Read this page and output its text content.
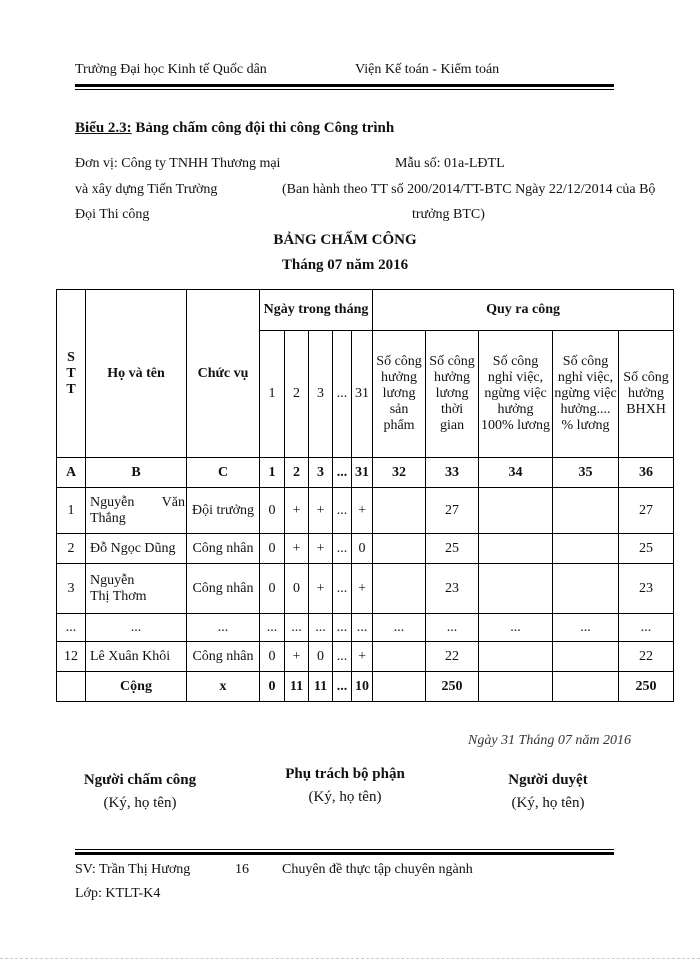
Trường Đại học Kinh tế Quốc dân	Viện Kế toán - Kiểm toán
Biểu 2.3: Bảng chấm công đội thi công Công trình
Đơn vị: Công ty TNHH Thương mại
và xây dựng Tiến Trường
Đọi Thi công
Mẫu số: 01a-LĐTL
(Ban hành theo TT số 200/2014/TT-BTC Ngày 22/12/2014 của Bộ
trưởng BTC)
BẢNG CHẤM CÔNG
Tháng 07 năm 2016
S
T
T	Họ và tên	Chức vụ	Ngày trong tháng					Quy ra công				
			1	2	3	...	31	Số công
hưởng
lương
sản
phẩm	Số công
hưởng
lương
thời
gian	Số công
nghỉ việc,
ngừng việc
hưởng
100% lương	Số công
nghỉ việc,
ngừng việc
hưởng....
% lương	Số công
hưởng
BHXH
A	B	C	1	2	3	...	31	32	33	34	35	36
1	Nguyễn Văn Thắng	Đội trưởng	0	+	+	...	+		27			27
2	Đỗ Ngọc Dũng	Công nhân	0	+	+	...	0		25			25
3	Nguyễn Thị Thơm	Công nhân	0	0	+	...	+		23			23
...	...	...	...	...	...	...	...	...	...	...	...	...
12	Lê Xuân Khôi	Công nhân	0	+	0	...	+		22			22
	Cộng	x	0	11	11	...	10		250			250
Ngày 31 Tháng 07 năm 2016
Người chấm công
(Ký, họ tên)
Phụ trách bộ phận
(Ký, họ tên)
Người duyệt
(Ký, họ tên)
SV: Trần Thị Hương	16 Chuyên đề thực tập chuyên ngành
Lớp: KTLT-K4
